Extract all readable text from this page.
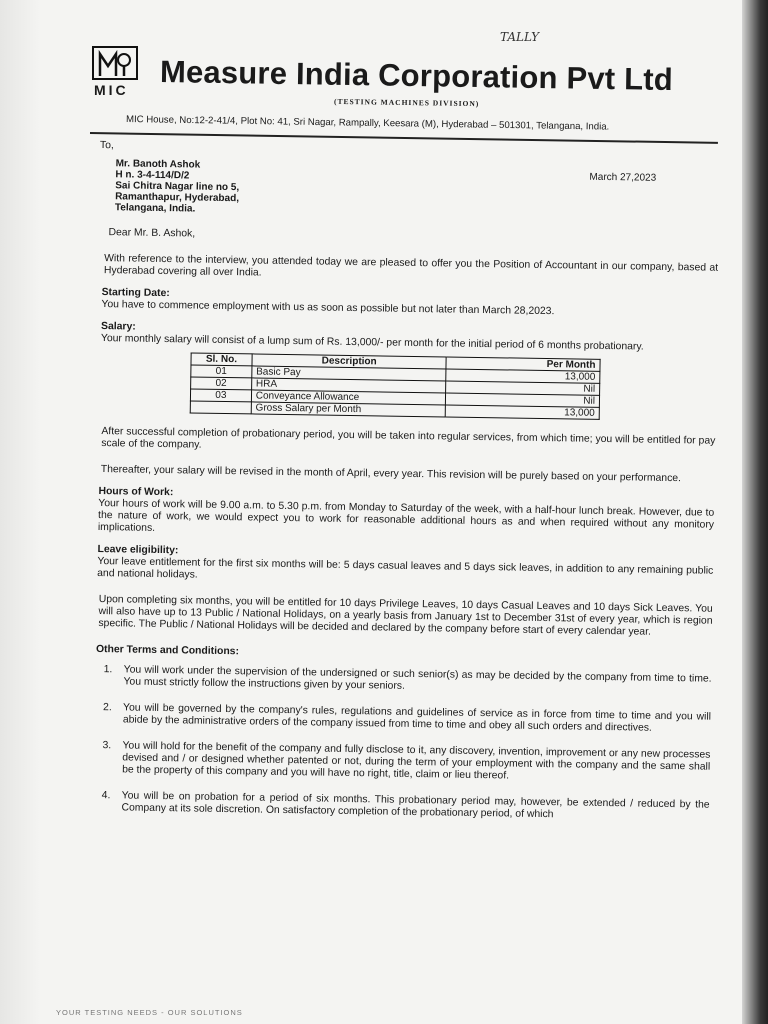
TALLY
MIC Measure India Corporation Pvt Ltd
(TESTING MACHINES DIVISION)
MIC House, No:12-2-41/4, Plot No: 41, Sri Nagar, Rampally, Keesara (M), Hyderabad – 501301, Telangana, India.

To,

March 27,2023
Mr. Banoth Ashok
H n. 3-4-114/D/2
Sai Chitra Nagar line no 5,
Ramanthapur, Hyderabad,
Telangana, India.

Dear Mr. B. Ashok,

With reference to the interview, you attended today we are pleased to offer you the Position of Accountant in our company, based at Hyderabad covering all over India.

Starting Date:

You have to commence employment with us as soon as possible but not later than March 28,2023.

Salary:

Your monthly salary will consist of a lump sum of Rs. 13,000/- per month for the initial period of 6 months probationary.

Sl. No.	Description	Per Month
01	Basic Pay	13,000
02	HRA	Nil
03	Conveyance Allowance	Nil
	Gross Salary per Month	13,000

After successful completion of probationary period, you will be taken into regular services, from which time; you will be entitled for pay scale of the company.

Thereafter, your salary will be revised in the month of April, every year. This revision will be purely based on your performance.

Hours of Work:

Your hours of work will be 9.00 a.m. to 5.30 p.m. from Monday to Saturday of the week, with a half-hour lunch break. However, due to the nature of work, we would expect you to work for reasonable additional hours as and when required without any monitory implications.

Leave eligibility:

Your leave entitlement for the first six months will be: 5 days casual leaves and 5 days sick leaves, in addition to any remaining public and national holidays.

Upon completing six months, you will be entitled for 10 days Privilege Leaves, 10 days Casual Leaves and 10 days Sick Leaves. You will also have up to 13 Public / National Holidays, on a yearly basis from January 1st to December 31st of every year, which is region specific. The Public / National Holidays will be decided and declared by the company before start of every calendar year.

Other Terms and Conditions:

1. You will work under the supervision of the undersigned or such senior(s) as may be decided by the company from time to time. You must strictly follow the instructions given by your seniors.
2. You will be governed by the company's rules, regulations and guidelines of service as in force from time to time and you will abide by the administrative orders of the company issued from time to time and obey all such orders and directives.
3. You will hold for the benefit of the company and fully disclose to it, any discovery, invention, improvement or any new processes devised and / or designed whether patented or not, during the term of your employment with the company and the same shall be the property of this company and you will have no right, title, claim or lieu thereof.
4. You will be on probation for a period of six months. This probationary period may, however, be extended / reduced by the Company at its sole discretion. On satisfactory completion of the probationary period, of which
YOUR TESTING NEEDS - OUR SOLUTIONS
